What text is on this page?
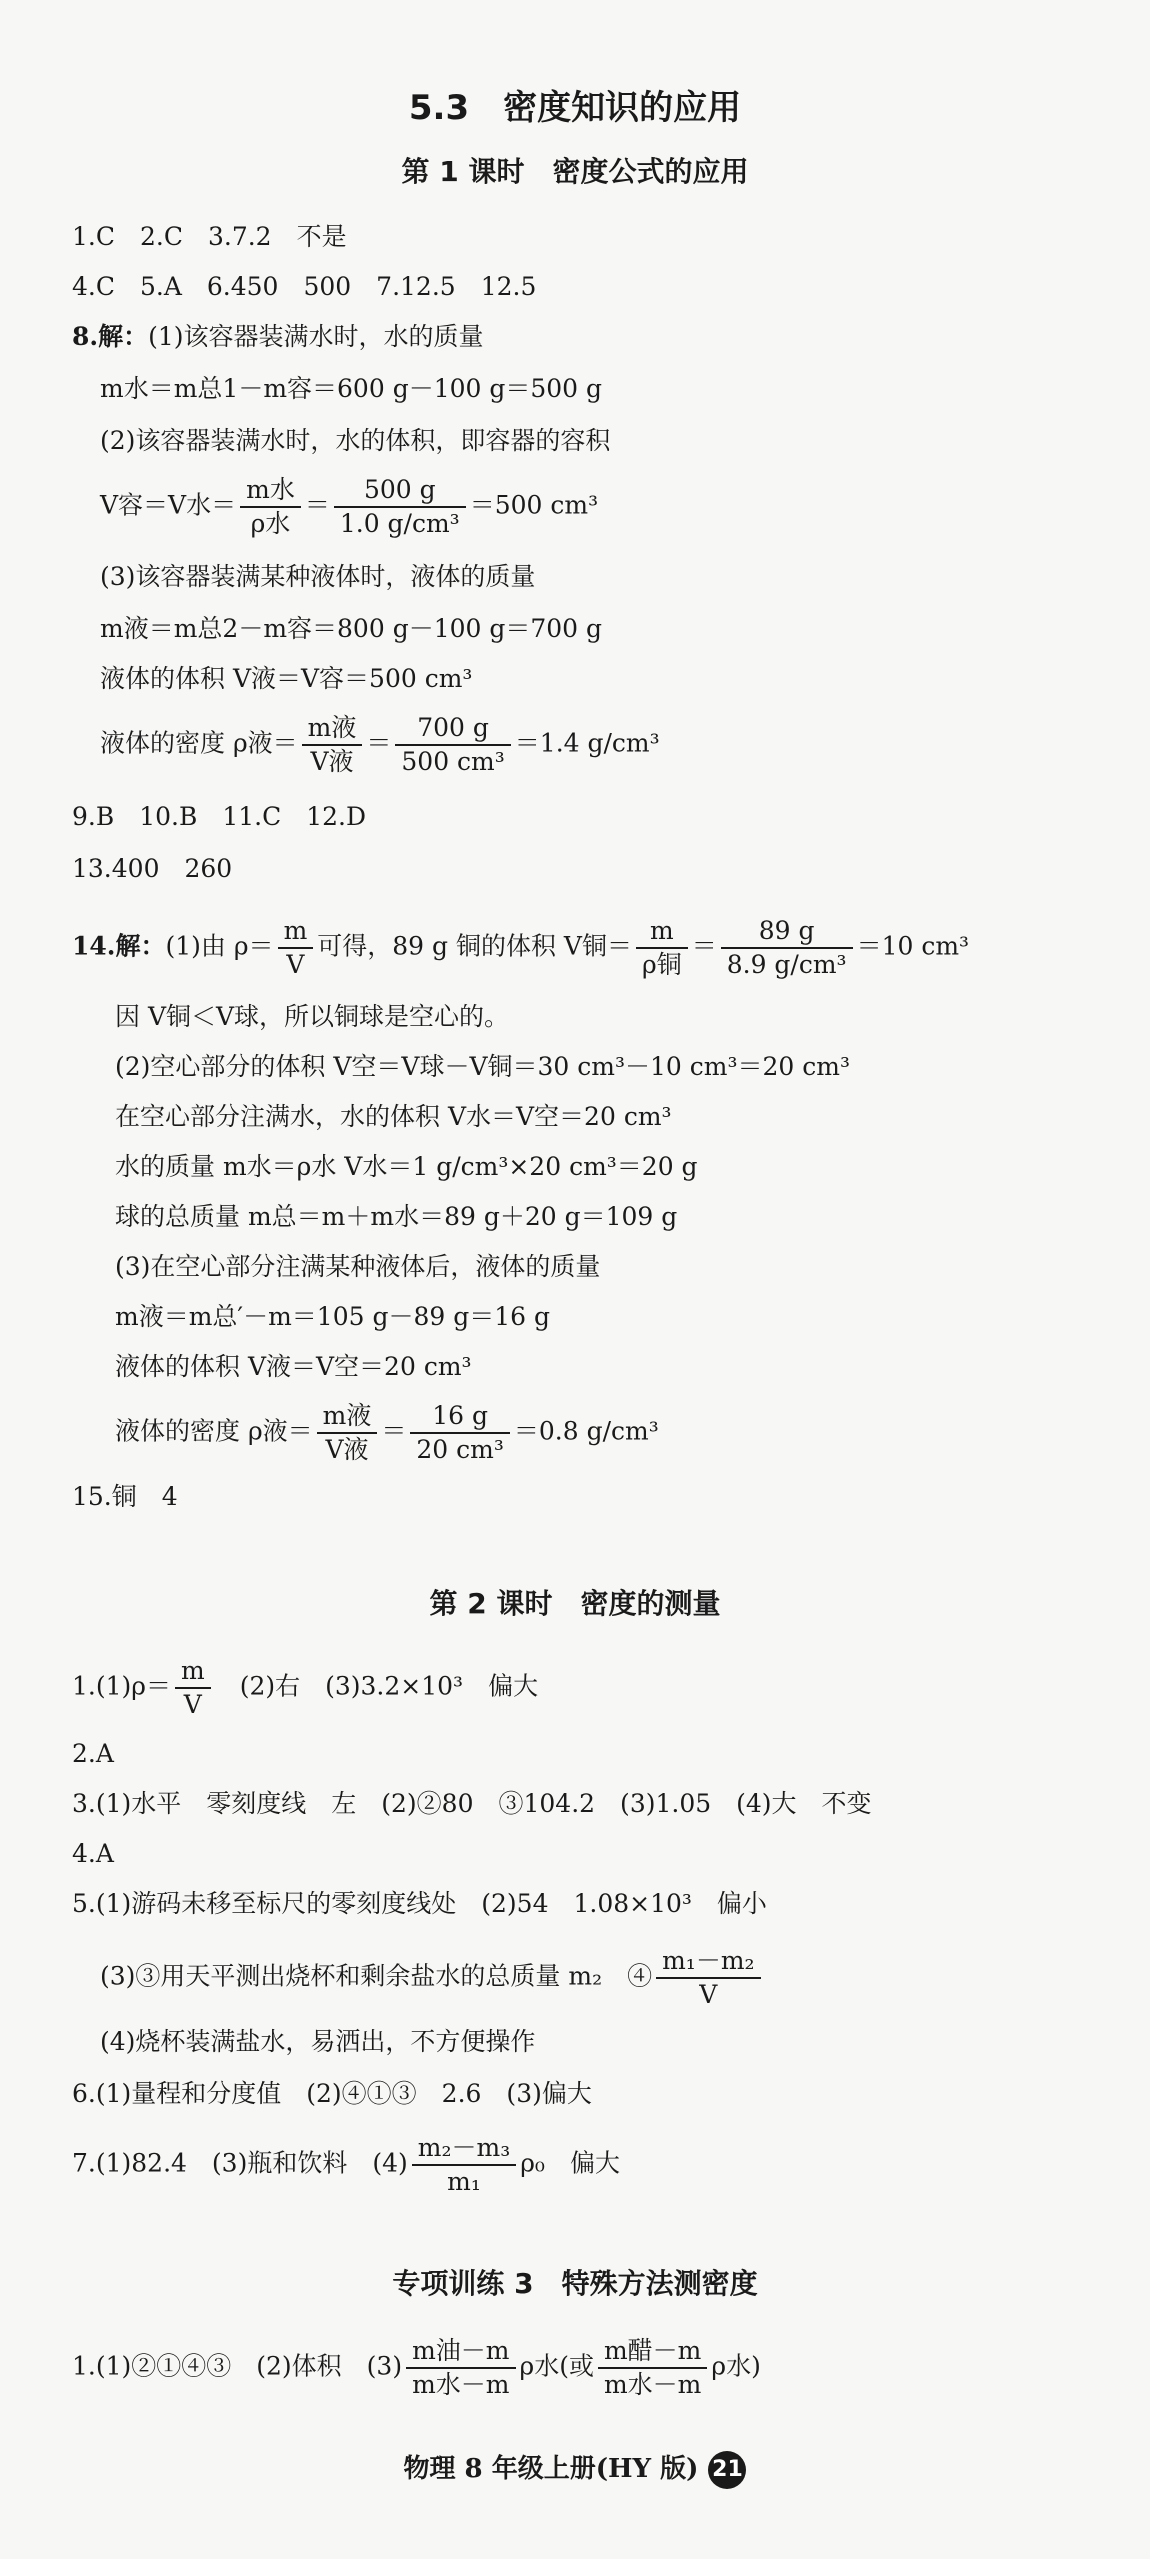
5.3　密度知识的应用
第 1 课时　密度公式的应用
1.C　2.C　3.7.2　不是
4.C　5.A　6.450　500　7.12.5　12.5
8.解：(1)该容器装满水时，水的质量
m水＝m总1－m容＝600 g－100 g＝500 g
(2)该容器装满水时，水的体积，即容器的容积
V容＝V水＝ $\frac{\text{m水}}{\text{ρ水}} = \frac{500 g}{\text{1.0 g/cm³}} =500$ cm³
(3)该容器装满某种液体时，液体的质量
m液＝m总2－m容＝800 g－100 g＝700 g
液体的体积 V液＝V容＝500 cm³
液体的密度 ρ液＝ $\frac{\text{m液}}{\text{V液}} = \frac{700 g}{\text{500 cm³}} =1.4$ g/cm³
9.B　10.B　11.C　12.D
13.400　260
14.解：(1)由 $\rho= \frac{m}{V}$ 可得，89 g 铜的体积 V铜＝ $\frac{m}{\text{ρ铜}} = \frac{89 g}{\text{8.9 g/cm³}} =10$ cm³
因 V铜＜V球，所以铜球是空心的。
(2)空心部分的体积 V空＝V球－V铜＝30 cm³－10 cm³＝20 cm³
在空心部分注满水，水的体积 V水＝V空＝20 cm³
水的质量 m水＝ρ水 V水＝1 g/cm³×20 cm³＝20 g
球的总质量 m总＝m＋m水＝89 g＋20 g＝109 g
(3)在空心部分注满某种液体后，液体的质量
m液＝m总′－m＝105 g－89 g＝16 g
液体的体积 V液＝V空＝20 cm³
液体的密度 ρ液＝ $\frac{\text{m液}}{\text{V液}} = \frac{16 g}{\text{20 cm³}} =0.8$ g/cm³
15.铜　4
第 2 课时　密度的测量
$1.(1)\rho= \frac{m}{V}$
　 (2)右　(3)3.2×10³　偏大
2.A
3.(1)水平　零刻度线　左　(2)②80　③104.2　(3)1.05　(4)大　不变
4.A
5.(1)游码未移至标尺的零刻度线处　(2)54　1.08×10³　偏小
(3)③用天平测出烧杯和剩余盐水的总质量 m₂　④ $\frac{\text{m₁－m₂}}{V}$
(4)烧杯装满盐水，易洒出，不方便操作
6.(1)量程和分度值　(2)④①③　2.6　(3)偏大
7.(1)82.4　(3)瓶和饮料　$(4) \frac{\text{m₂－m₃}}{\text{m₁}} \rho_0$　偏大
专项训练 3　特殊方法测密度
1.(1)②①④③　(2)体积　$(3) \frac{\text{m油－m}}{\text{m水－m}}$ ρ水(或 $\frac{\text{m醋－m}}{\text{m水－m}}$ ρ水)
物理 8 年级上册(HY 版) 21
